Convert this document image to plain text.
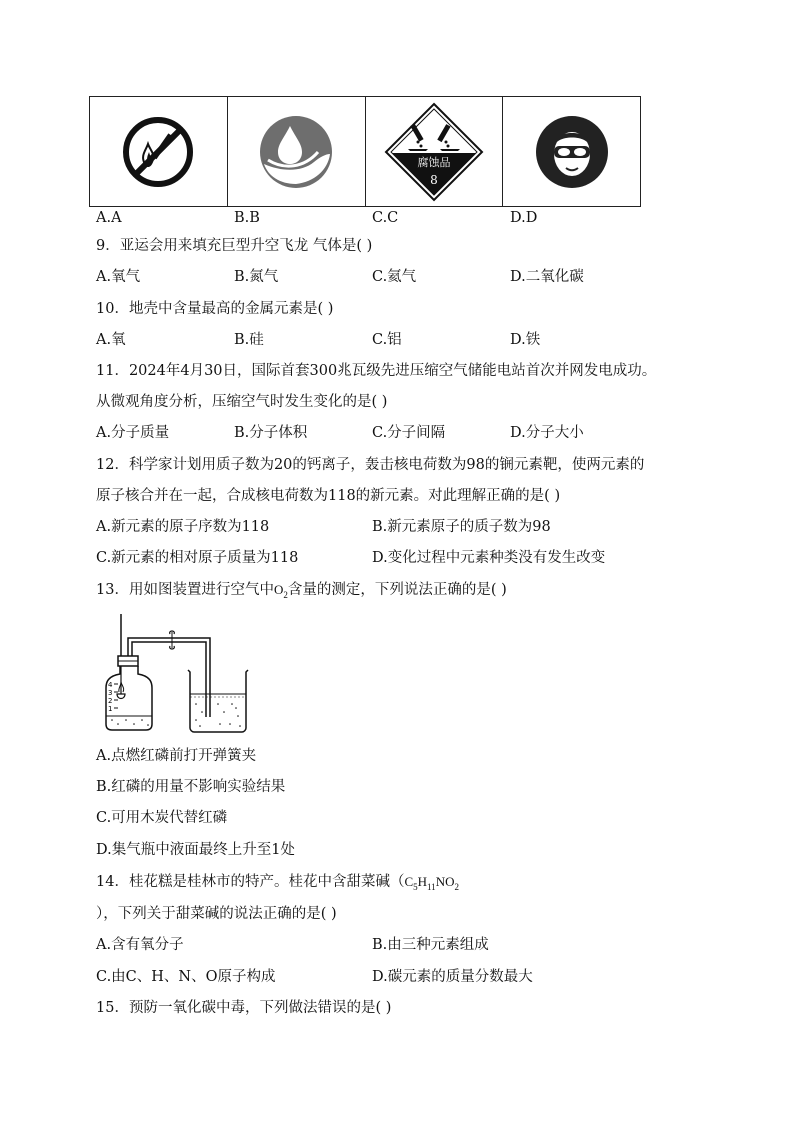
腐蚀品
8
A.A	B.B	C.C	D.D
9．亚运会用来填充巨型升空飞龙 气体是( )
A.氧气	B.氮气	C.氦气	D.二氧化碳
10．地壳中含量最高的金属元素是( )
A.氧	B.硅	C.铝	D.铁
11．2024年4月30日，国际首套300兆瓦级先进压缩空气储能电站首次并网发电成功。
从微观角度分析，压缩空气时发生变化的是( )
A.分子质量	B.分子体积	C.分子间隔	D.分子大小
12．科学家计划用质子数为20的钙离子，轰击核电荷数为98的锎元素靶，使两元素的
原子核合并在一起，合成核电荷数为118的新元素。对此理解正确的是( )
A.新元素的原子序数为118	B.新元素原子的质子数为98
C.新元素的相对原子质量为118	D.变化过程中元素种类没有发生改变
13．用如图装置进行空气中$O_2$含量的测定，下列说法正确的是( )
4
3
2
1
A.点燃红磷前打开弹簧夹
B.红磷的用量不影响实验结果
C.可用木炭代替红磷
D.集气瓶中液面最终上升至1处
14．桂花糕是桂林市的特产。桂花中含甜菜碱（$C_5H_{11}NO_2$
），下列关于甜菜碱的说法正确的是( )
A.含有氧分子	B.由三种元素组成
C.由C、H、N、O原子构成	D.碳元素的质量分数最大
15．预防一氧化碳中毒，下列做法错误的是( )
